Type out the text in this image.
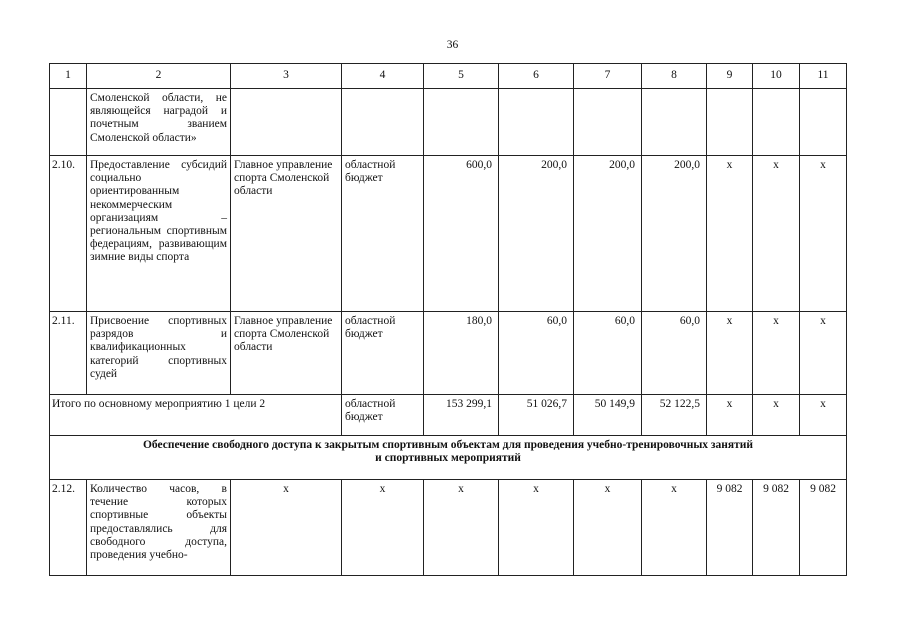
36
1	2	3	4	5	6	7	8	9	10	11
	Смоленской области, не являющейся наградой и почетным званием Смоленской области»									
2.10.	Предоставление субсидий социально ориентированным некоммерческим организациям – региональным спортивным федерациям, развивающим зимние виды спорта	Главное управление спорта Смоленской области	областной бюджет	600,0	200,0	200,0	200,0	х	х	х
2.11.	Присвоение спортивных разрядов и квалификационных категорий спортивных судей	Главное управление спорта Смоленской области	областной бюджет	180,0	60,0	60,0	60,0	х	х	х
Итого по основному мероприятию 1 цели 2			областной бюджет	153 299,1	51 026,7	50 149,9	52 122,5	х	х	х
Обеспечение свободного доступа к закрытым спортивным объектам для проведения учебно-тренировочных занятий
и спортивных мероприятий										
2.12.	Количество часов, в течение которых спортивные объекты предоставлялись для свободного доступа, проведения учебно-	х	х	х	х	х	х	9 082	9 082	9 082
